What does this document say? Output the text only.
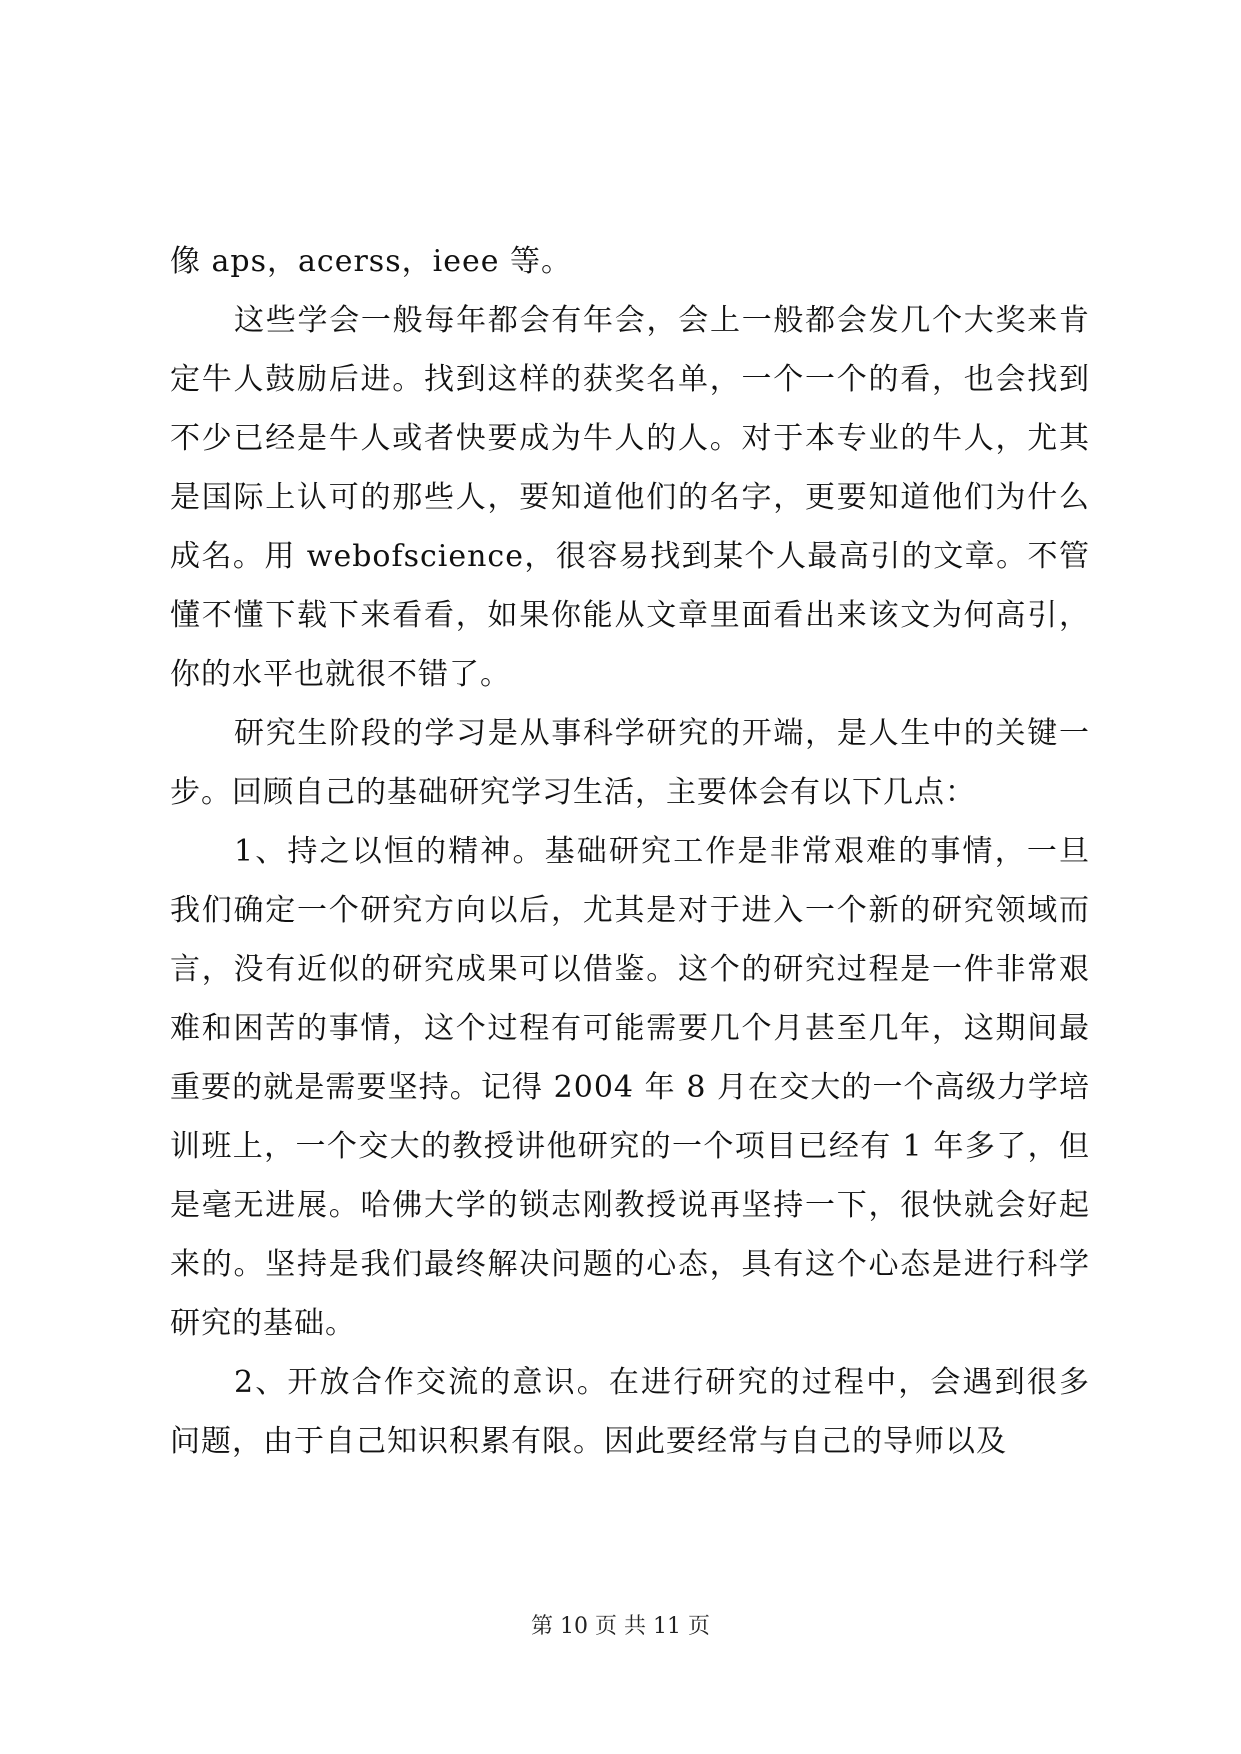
像 aps，acerss，ieee 等。

这些学会一般每年都会有年会，会上一般都会发几个大奖来肯定牛人鼓励后进。找到这样的获奖名单，一个一个的看，也会找到不少已经是牛人或者快要成为牛人的人。对于本专业的牛人，尤其是国际上认可的那些人，要知道他们的名字，更要知道他们为什么成名。用 webofscience，很容易找到某个人最高引的文章。不管懂不懂下载下来看看，如果你能从文章里面看出来该文为何高引，你的水平也就很不错了。

研究生阶段的学习是从事科学研究的开端，是人生中的关键一步。回顾自己的基础研究学习生活，主要体会有以下几点：

1、持之以恒的精神。基础研究工作是非常艰难的事情，一旦我们确定一个研究方向以后，尤其是对于进入一个新的研究领域而言，没有近似的研究成果可以借鉴。这个的研究过程是一件非常艰难和困苦的事情，这个过程有可能需要几个月甚至几年，这期间最重要的就是需要坚持。记得 2004 年 8 月在交大的一个高级力学培训班上，一个交大的教授讲他研究的一个项目已经有 1 年多了，但是毫无进展。哈佛大学的锁志刚教授说再坚持一下，很快就会好起来的。坚持是我们最终解决问题的心态，具有这个心态是进行科学研究的基础。

2、开放合作交流的意识。在进行研究的过程中，会遇到很多问题，由于自己知识积累有限。因此要经常与自己的导师以及

第 10 页 共 11 页
